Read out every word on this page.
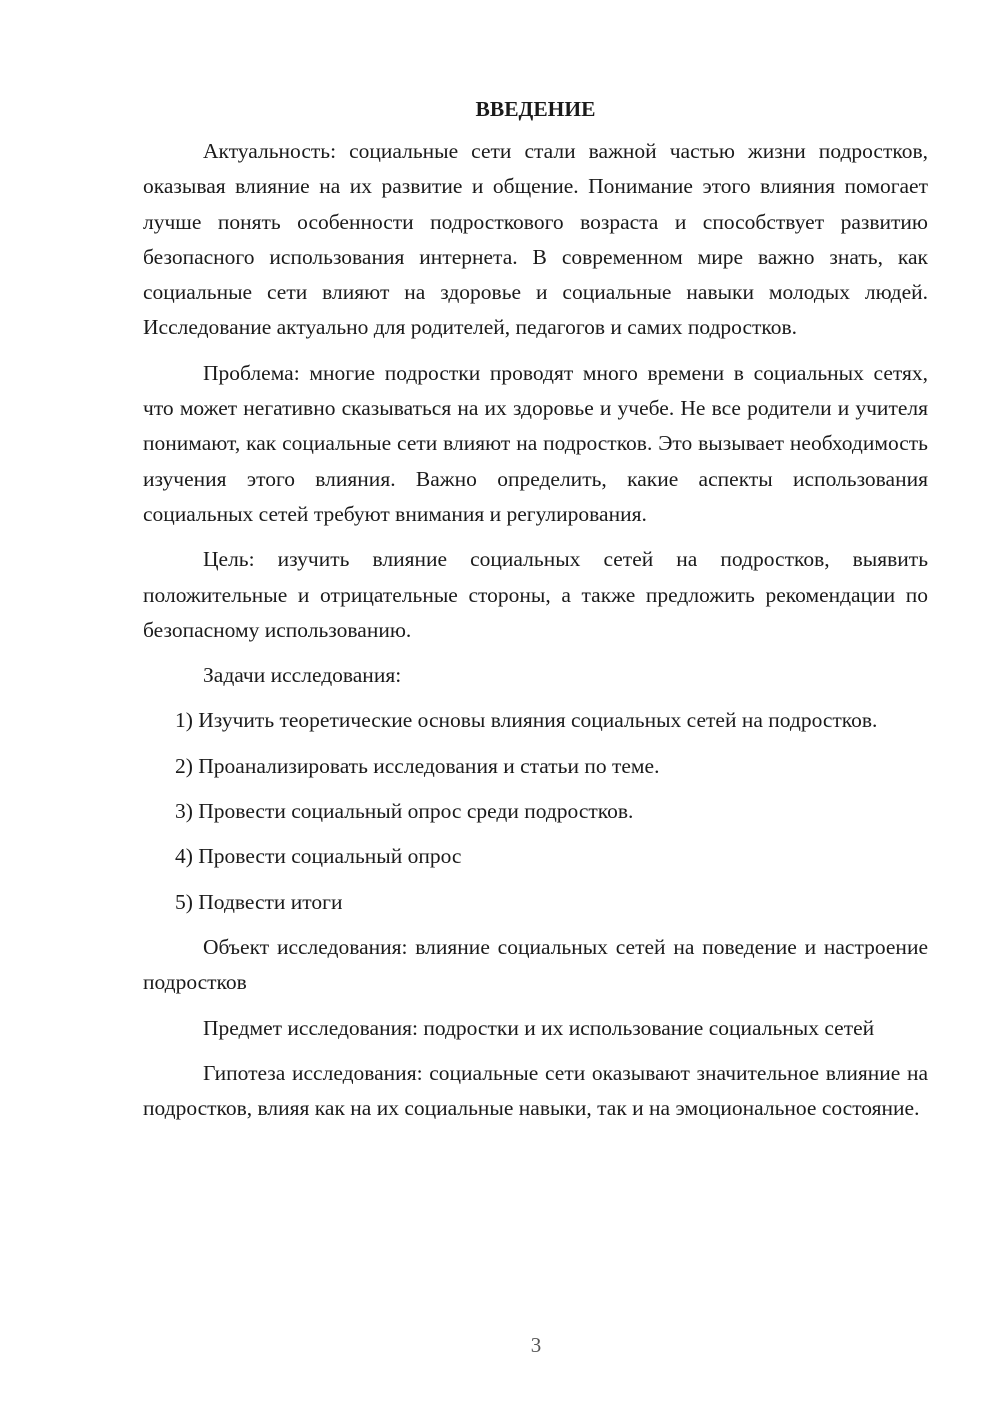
ВВЕДЕНИЕ

Актуальность: социальные сети стали важной частью жизни подростков, оказывая влияние на их развитие и общение. Понимание этого влияния помогает лучше понять особенности подросткового возраста и способствует развитию безопасного использования интернета. В современном мире важно знать, как социальные сети влияют на здоровье и социальные навыки молодых людей. Исследование актуально для родителей, педагогов и самих подростков.

Проблема: многие подростки проводят много времени в социальных сетях, что может негативно сказываться на их здоровье и учебе. Не все родители и учителя понимают, как социальные сети влияют на подростков. Это вызывает необходимость изучения этого влияния. Важно определить, какие аспекты использования социальных сетей требуют внимания и регулирования.

Цель: изучить влияние социальных сетей на подростков, выявить положительные и отрицательные стороны, а также предложить рекомендации по безопасному использованию.

Задачи исследования:

1) Изучить теоретические основы влияния социальных сетей на подростков.

2) Проанализировать исследования и статьи по теме.

3) Провести социальный опрос среди подростков.

4) Провести социальный опрос

5) Подвести итоги

Объект исследования: влияние социальных сетей на поведение и настроение подростков

Предмет исследования: подростки и их использование социальных сетей

Гипотеза исследования: социальные сети оказывают значительное влияние на подростков, влияя как на их социальные навыки, так и на эмоциональное состояние.

3
